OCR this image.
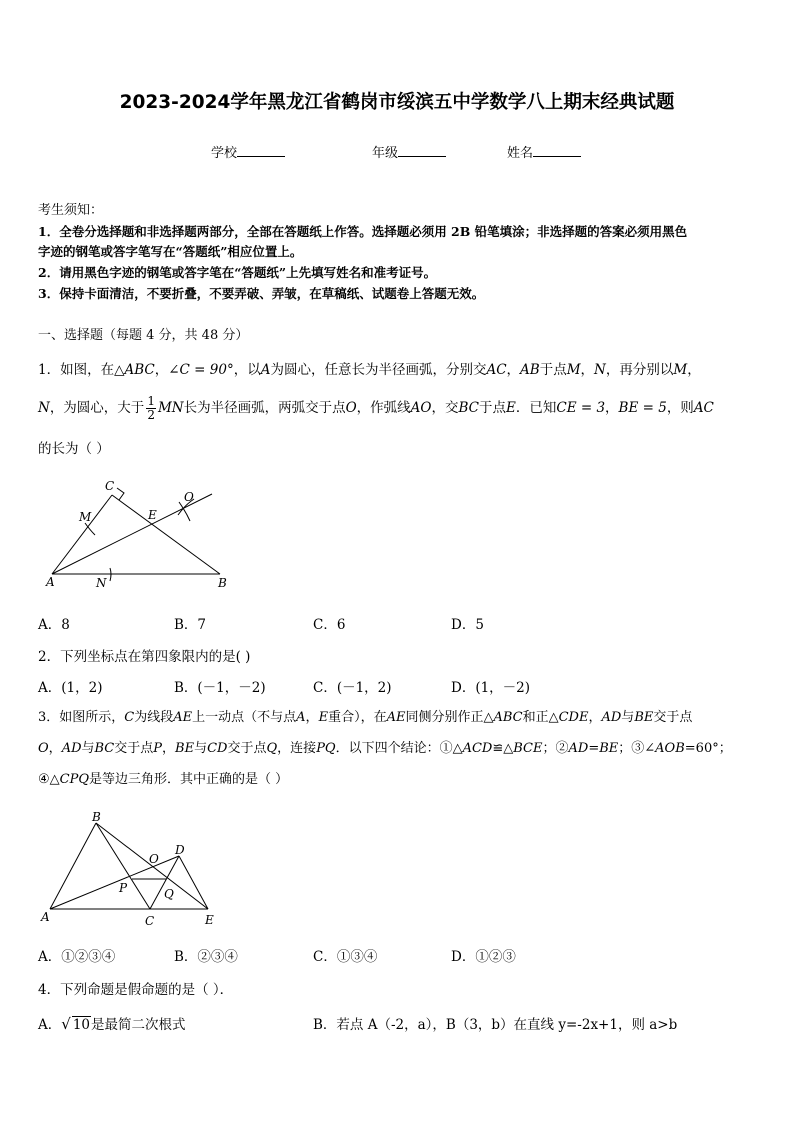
2023-2024学年黑龙江省鹤岗市绥滨五中学数学八上期末经典试题
学校	年级	姓名
考生须知：
1．全卷分选择题和非选择题两部分，全部在答题纸上作答。选择题必须用 2B 铅笔填涂；非选择题的答案必须用黑色
字迹的钢笔或答字笔写在“答题纸”相应位置上。
2．请用黑色字迹的钢笔或答字笔在“答题纸”上先填写姓名和准考证号。
3．保持卡面清洁，不要折叠，不要弄破、弄皱，在草稿纸、试题卷上答题无效。
一、选择题（每题 4 分，共 48 分）
1．如图，在△ABC，∠C = 90°，以A为圆心，任意长为半径画弧，分别交AC，AB于点M，N，再分别以M，
N，为圆心，大于 $\frac{1}{2}$ MN长为半径画弧，两弧交于点O，作弧线AO，交BC于点E．已知CE = 3，BE = 5，则AC
的长为（ ）
A	B
C
M
N
E
O
A．8	B．7	C．6	D．5
2．下列坐标点在第四象限内的是( )
A．(1，2)	B．(－1，－2)	C．(－1，2)	D．(1，－2)
3．如图所示，C为线段AE上一动点（不与点A，E重合），在AE同侧分别作正△ABC和正△CDE，AD与BE交于点
O，AD与BC交于点P，BE与CD交于点Q，连接PQ．以下四个结论：①△ACD≌△BCE；②AD=BE；③∠AOB=60°；
④△CPQ是等边三角形．其中正确的是（ ）
A
B
C
D
E
O
P	Q
A．①②③④	B．②③④	C．①③④	D．①②③
4．下列命题是假命题的是（ ）．
A．√ 10是最简二次根式	B．若点 A（-2，a），B（3，b）在直线 y=-2x+1，则 a>b
